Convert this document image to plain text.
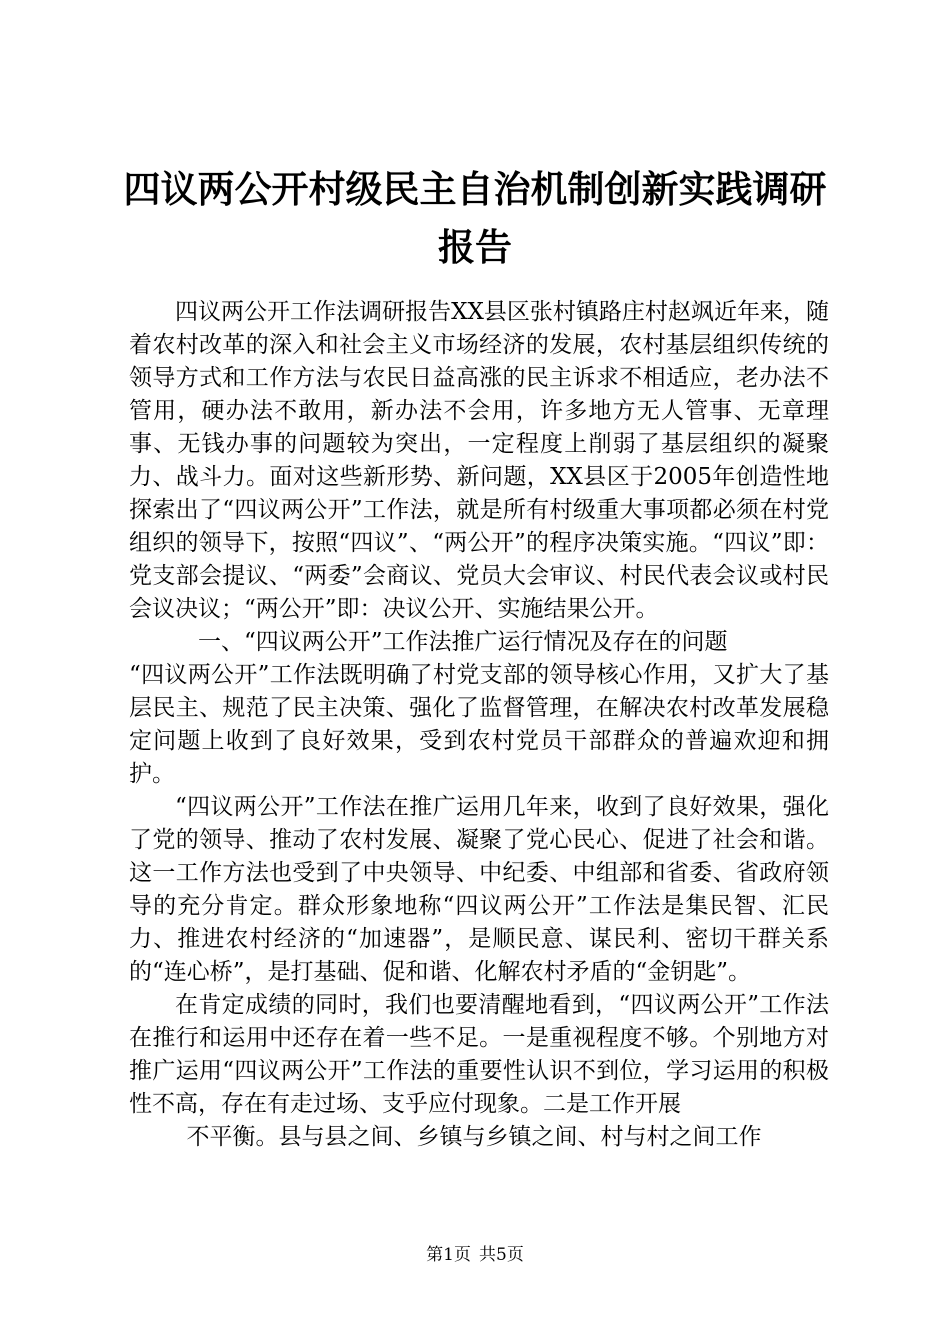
四议两公开村级民主自治机制创新实践调研报告

四议两公开工作法调研报告XX县区张村镇路庄村赵飒近年来，随着农村改革的深入和社会主义市场经济的发展，农村基层组织传统的领导方式和工作方法与农民日益高涨的民主诉求不相适应，老办法不管用，硬办法不敢用，新办法不会用，许多地方无人管事、无章理事、无钱办事的问题较为突出，一定程度上削弱了基层组织的凝聚力、战斗力。面对这些新形势、新问题，XX县区于2005年创造性地探索出了“四议两公开”工作法，就是所有村级重大事项都必须在村党组织的领导下，按照“四议”、“两公开”的程序决策实施。“四议”即：党支部会提议、“两委”会商议、党员大会审议、村民代表会议或村民会议决议；“两公开”即：决议公开、实施结果公开。

一、“四议两公开”工作法推广运行情况及存在的问题

“四议两公开”工作法既明确了村党支部的领导核心作用，又扩大了基层民主、规范了民主决策、强化了监督管理，在解决农村改革发展稳定问题上收到了良好效果，受到农村党员干部群众的普遍欢迎和拥护。

“四议两公开”工作法在推广运用几年来，收到了良好效果，强化了党的领导、推动了农村发展、凝聚了党心民心、促进了社会和谐。这一工作方法也受到了中央领导、中纪委、中组部和省委、省政府领导的充分肯定。群众形象地称“四议两公开”工作法是集民智、汇民力、推进农村经济的“加速器”，是顺民意、谋民利、密切干群关系的“连心桥”，是打基础、促和谐、化解农村矛盾的“金钥匙”。

在肯定成绩的同时，我们也要清醒地看到，“四议两公开”工作法在推行和运用中还存在着一些不足。一是重视程度不够。个别地方对推广运用“四议两公开”工作法的重要性认识不到位，学习运用的积极性不高，存在有走过场、支乎应付现象。二是工作开展

不平衡。县与县之间、乡镇与乡镇之间、村与村之间工作

第1页 共5页
